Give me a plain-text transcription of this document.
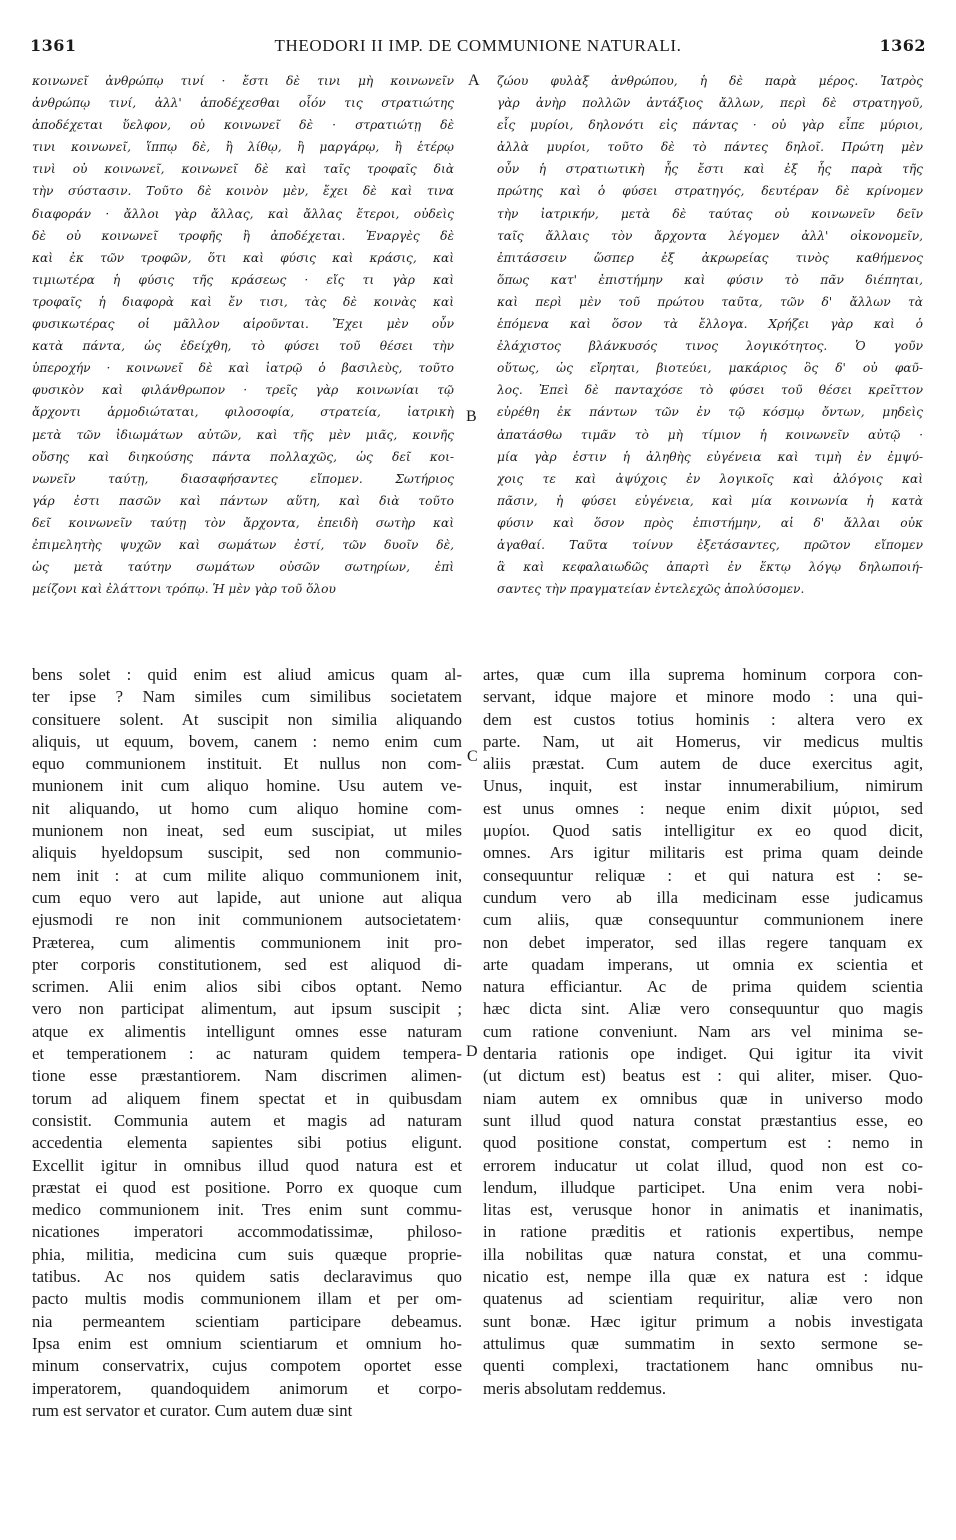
1361	THEODORI II IMP. DE COMMUNIONE NATURALI.	1362
A
B
C
D
κοινωνεῖ ἀνθρώπῳ τινί · ἔστι δὲ τινι μὴ κοινωνεῖν
ἀνθρώπῳ τινί, ἀλλ' ἀποδέχεσθαι οἷόν τις στρατιώτης
ἀποδέχεται ὕελφον, οὐ κοινωνεῖ δὲ · στρατιώτῃ δὲ
τινι κοινωνεῖ, ἵππῳ δὲ, ἢ λίθῳ, ἢ μαργάρῳ, ἢ ἑτέρῳ
τινὶ οὐ κοινωνεῖ, κοινωνεῖ δὲ καὶ ταῖς τροφαῖς διὰ
τὴν σύστασιν. Τοῦτο δὲ κοινὸν μὲν, ἔχει δὲ καὶ τινα
διαφοράν · ἄλλοι γὰρ ἄλλας, καὶ ἄλλας ἕτεροι, οὐδεὶς
δὲ οὐ κοινωνεῖ τροφῆς ἢ ἀποδέχεται. Ἐναργὲς δὲ
καὶ ἐκ τῶν τροφῶν, ὅτι καὶ φύσις καὶ κράσις, καὶ
τιμιωτέρα ἡ φύσις τῆς κράσεως · εἴς τι γὰρ καὶ
τροφαῖς ἡ διαφορὰ καὶ ἔν τισι, τὰς δὲ κοινὰς καὶ
φυσικωτέρας οἱ μᾶλλον αἱροῦνται. Ἔχει μὲν οὖν
κατὰ πάντα, ὡς ἐδείχθη, τὸ φύσει τοῦ θέσει τὴν
ὑπεροχήν · κοινωνεῖ δὲ καὶ ἰατρῷ ὁ βασιλεὺς, τοῦτο
φυσικὸν καὶ φιλάνθρωπον · τρεῖς γὰρ κοινωνίαι τῷ
ἄρχοντι ἁρμοδιώταται, φιλοσοφία, στρατεία, ἰατρικὴ
μετὰ τῶν ἰδιωμάτων αὐτῶν, καὶ τῆς μὲν μιᾶς, κοινῆς
οὔσης καὶ διηκούσης πάντα πολλαχῶς, ὡς δεῖ κοι-
νωνεῖν ταύτῃ, διασαφήσαντες εἴπομεν. Σωτήριος
γάρ ἐστι πασῶν καὶ πάντων αὕτη, καὶ διὰ τοῦτο
δεῖ κοινωνεῖν ταύτῃ τὸν ἄρχοντα, ἐπειδὴ σωτὴρ καὶ
ἐπιμελητὴς ψυχῶν καὶ σωμάτων ἐστί, τῶν δυοῖν δὲ,
ὡς μετὰ ταύτην σωμάτων οὐσῶν σωτηρίων, ἐπὶ
μείζονι καὶ ἐλάττονι τρόπῳ. Ἡ μὲν γὰρ τοῦ ὅλου
ζώου φυλὰξ ἀνθρώπου, ἡ δὲ παρὰ μέρος. Ἰατρὸς
γὰρ ἀνὴρ πολλῶν ἀντάξιος ἄλλων, περὶ δὲ στρατηγοῦ,
εἷς μυρίοι, δηλονότι εἰς πάντας · οὐ γὰρ εἶπε μύριοι,
ἀλλὰ μυρίοι, τοῦτο δὲ τὸ πάντες δηλοῖ. Πρώτη μὲν
οὖν ἡ στρατιωτικὴ ἧς ἔστι καὶ ἐξ ἧς παρὰ τῆς
πρώτης καὶ ὁ φύσει στρατηγός, δευτέραν δὲ κρίνομεν
τὴν ἰατρικήν, μετὰ δὲ ταύτας οὐ κοινωνεῖν δεῖν
ταῖς ἄλλαις τὸν ἄρχοντα λέγομεν ἀλλ' οἰκονομεῖν,
ἐπιτάσσειν ὥσπερ ἐξ ἀκρωρείας τινὸς καθήμενος
ὅπως κατ' ἐπιστήμην καὶ φύσιν τὸ πᾶν διέπηται,
καὶ περὶ μὲν τοῦ πρώτου ταῦτα, τῶν δ' ἄλλων τὰ
ἑπόμενα καὶ ὅσον τὰ ἔλλογα. Χρήζει γὰρ καὶ ὁ
ἐλάχιστος βλάνκυσός τινος λογικότητος. Ὁ γοῦν
οὕτως, ὡς εἴρηται, βιοτεύει, μακάριος ὃς δ' οὐ φαῦ-
λος. Ἐπεὶ δὲ πανταχόσε τὸ φύσει τοῦ θέσει κρεῖττον
εὑρέθη ἐκ πάντων τῶν ἐν τῷ κόσμῳ ὄντων, μηδεὶς
ἀπατάσθω τιμᾶν τὸ μὴ τίμιον ἡ κοινωνεῖν αὐτῷ ·
μία γὰρ ἐστιν ἡ ἀληθὴς εὐγένεια καὶ τιμὴ ἐν ἐμψύ-
χοις τε καὶ ἀψύχοις ἐν λογικοῖς καὶ ἀλόγοις καὶ
πᾶσιν, ἡ φύσει εὐγένεια, καὶ μία κοινωνία ἡ κατὰ
φύσιν καὶ ὅσον πρὸς ἐπιστήμην, αἱ δ' ἄλλαι οὐκ
ἀγαθαί. Ταῦτα τοίνυν ἐξετάσαντες, πρῶτον εἴπομεν
ἃ καὶ κεφαλαιωδῶς ἀπαρτὶ ἐν ἕκτῳ λόγῳ δηλωποιή-
σαντες τὴν πραγματείαν ἐντελεχῶς ἀπολύσομεν.
bens solet : quid enim est aliud amicus quam al-
ter ipse ? Nam similes cum similibus societatem
consituere solent. At suscipit non similia aliquando
aliquis, ut equum, bovem, canem : nemo enim cum
equo communionem instituit. Et nullus non com-
munionem init cum aliquo homine. Usu autem ve-
nit aliquando, ut homo cum aliquo homine com-
munionem non ineat, sed eum suscipiat, ut miles
aliquis hyeldopsum suscipit, sed non communio-
nem init : at cum milite aliquo communionem init,
cum equo vero aut lapide, aut unione aut aliqua
ejusmodi re non init communionem autsocietatem·
Præterea, cum alimentis communionem init pro-
pter corporis constitutionem, sed est aliquod di-
scrimen. Alii enim alios sibi cibos optant. Nemo
vero non participat alimentum, aut ipsum suscipit ;
atque ex alimentis intelligunt omnes esse naturam
et temperationem : ac naturam quidem tempera-
tione esse præstantiorem. Nam discrimen alimen-
torum ad aliquem finem spectat et in quibusdam
consistit. Communia autem et magis ad naturam
accedentia elementa sapientes sibi potius eligunt.
Excellit igitur in omnibus illud quod natura est et
præstat ei quod est positione. Porro ex quoque cum
medico communionem init. Tres enim sunt commu-
nicationes imperatori accommodatissimæ, philoso-
phia, militia, medicina cum suis quæque proprie-
tatibus. Ac nos quidem satis declaravimus quo
pacto multis modis communionem illam et per om-
nia permeantem scientiam participare debeamus.
Ipsa enim est omnium scientiarum et omnium ho-
minum conservatrix, cujus compotem oportet esse
imperatorem, quandoquidem animorum et corpo-
rum est servator et curator. Cum autem duæ sint
artes, quæ cum illa suprema hominum corpora con-
servant, idque majore et minore modo : una qui-
dem est custos totius hominis : altera vero ex
parte. Nam, ut ait Homerus, vir medicus multis
aliis præstat. Cum autem de duce exercitus agit,
Unus, inquit, est instar innumerabilium, nimirum
est unus omnes : neque enim dixit μύριοι, sed
μυρίοι. Quod satis intelligitur ex eo quod dicit,
omnes. Ars igitur militaris est prima quam deinde
consequuntur reliquæ : et qui natura est : se-
cundum vero ab illa medicinam esse judicamus
cum aliis, quæ consequuntur communionem inere
non debet imperator, sed illas regere tanquam ex
arte quadam imperans, ut omnia ex scientia et
natura efficiantur. Ac de prima quidem scientia
hæc dicta sint. Aliæ vero consequuntur quo magis
cum ratione conveniunt. Nam ars vel minima se-
dentaria rationis ope indiget. Qui igitur ita vivit
(ut dictum est) beatus est : qui aliter, miser. Quo-
niam autem ex omnibus quæ in universo modo
sunt illud quod natura constat præstantius esse, eo
quod positione constat, compertum est : nemo in
errorem inducatur ut colat illud, quod non est co-
lendum, illudque participet. Una enim vera nobi-
litas est, verusque honor in animatis et inanimatis,
in ratione præditis et rationis expertibus, nempe
illa nobilitas quæ natura constat, et una commu-
nicatio est, nempe illa quæ ex natura est : idque
quatenus ad scientiam requiritur, aliæ vero non
sunt bonæ. Hæc igitur primum a nobis investigata
attulimus quæ summatim in sexto sermone se-
quenti complexi, tractationem hanc omnibus nu-
meris absolutam reddemus.
